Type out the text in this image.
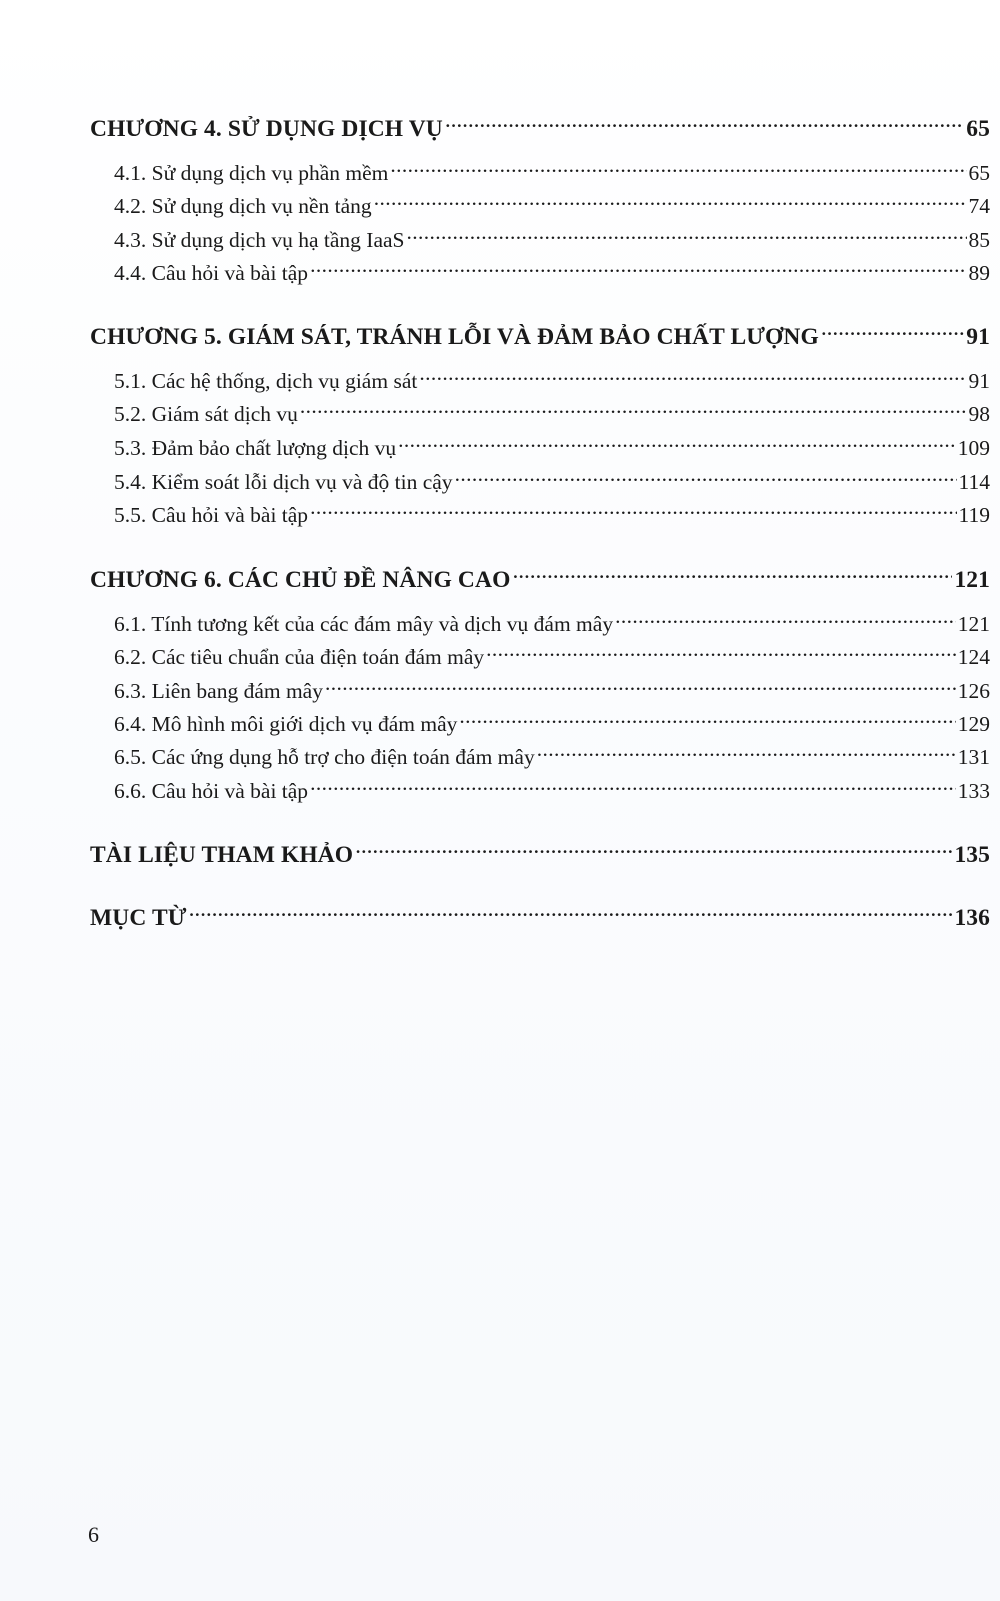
CHƯƠNG 4. SỬ DỤNG DỊCH VỤ . . .	65
4.1. Sử dụng dịch vụ phần mềm . . .	65
4.2. Sử dụng dịch vụ nền tảng . . .	74
4.3. Sử dụng dịch vụ hạ tầng IaaS . . .	85
4.4. Câu hỏi và bài tập . . .	89
CHƯƠNG 5. GIÁM SÁT, TRÁNH LỖI VÀ ĐẢM BẢO CHẤT LƯỢNG . . .	91
5.1. Các hệ thống, dịch vụ giám sát . . .	91
5.2. Giám sát dịch vụ . . .	98
5.3. Đảm bảo chất lượng dịch vụ . . .	109
5.4. Kiểm soát lỗi dịch vụ và độ tin cậy . . .	114
5.5. Câu hỏi và bài tập . . .	119
CHƯƠNG 6. CÁC CHỦ ĐỀ NÂNG CAO . . .	121
6.1. Tính tương kết của các đám mây và dịch vụ đám mây . . .	121
6.2. Các tiêu chuẩn của điện toán đám mây . . .	124
6.3. Liên bang đám mây . . .	126
6.4. Mô hình môi giới dịch vụ đám mây . . .	129
6.5. Các ứng dụng hỗ trợ cho điện toán đám mây . . .	131
6.6. Câu hỏi và bài tập . . .	133
TÀI LIỆU THAM KHẢO . . .	135
MỤC TỪ . . .	136
6
